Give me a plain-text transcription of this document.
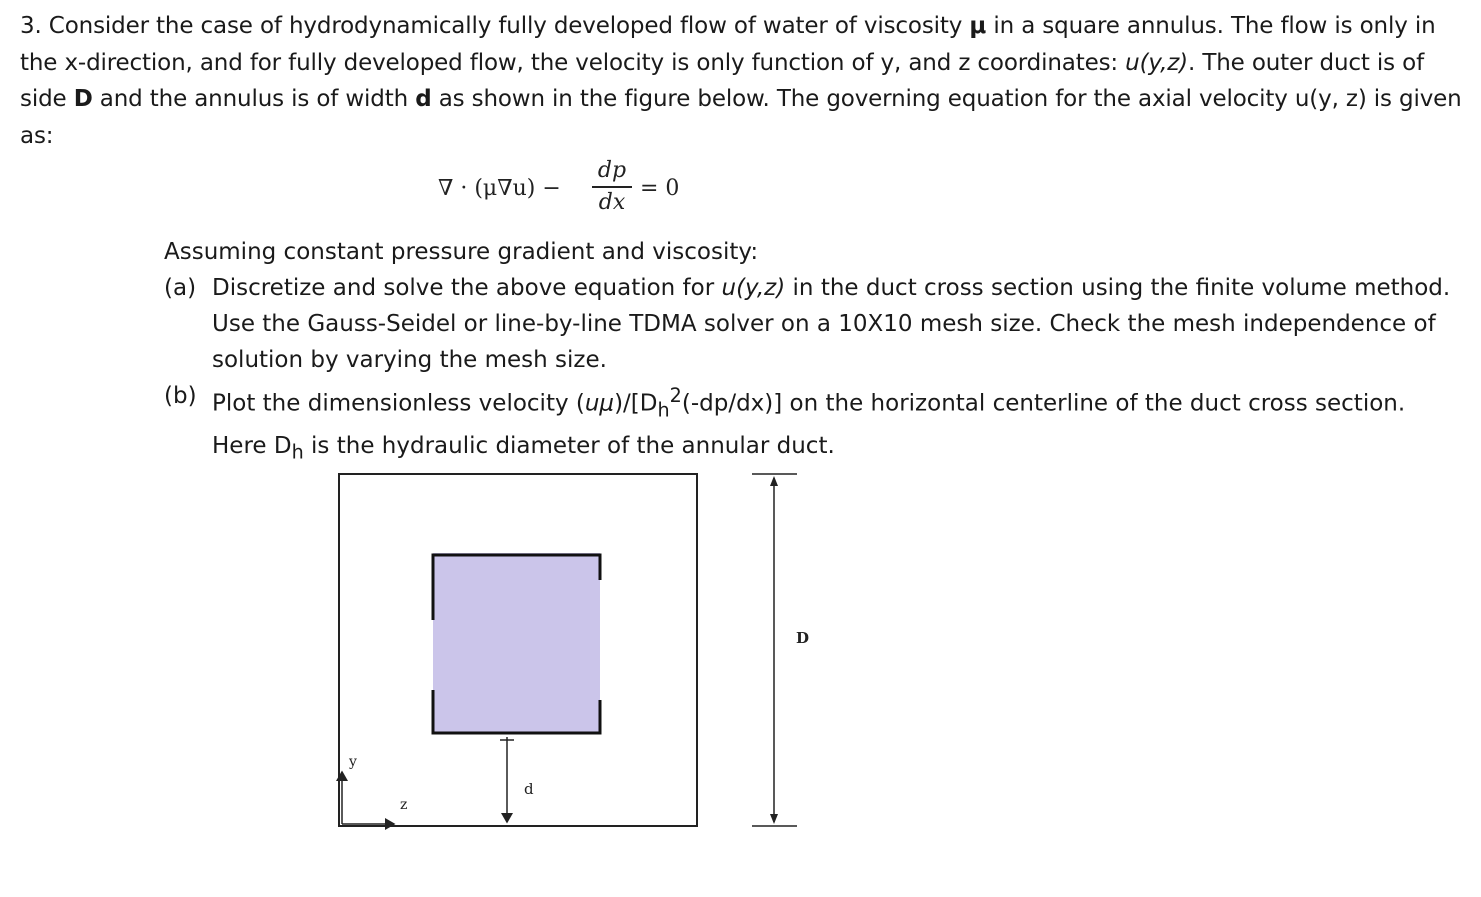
3. Consider the case of hydrodynamically fully developed flow of water of viscosity μ in a square annulus. The flow is only in the x-direction, and for fully developed flow, the velocity is only function of y, and z coordinates: u(y,z). The outer duct is of side D and the annulus is of width d as shown in the figure below. The governing equation for the axial velocity u(y, z) is given as:

∇ · (μ∇u) −
dp
dx
= 0

Assuming constant pressure gradient and viscosity:

(a) Discretize and solve the above equation for u(y,z) in the duct cross section using the finite volume method. Use the Gauss-Seidel or line-by-line TDMA solver on a 10X10 mesh size. Check the mesh independence of solution by varying the mesh size.
(b) Plot the dimensionless velocity $(u\mu)/[D_h^2(-dp/dx)]$ on the horizontal centerline of the duct cross section. Here $D_h$ is the hydraulic diameter of the annular duct.
d
D
y
z
